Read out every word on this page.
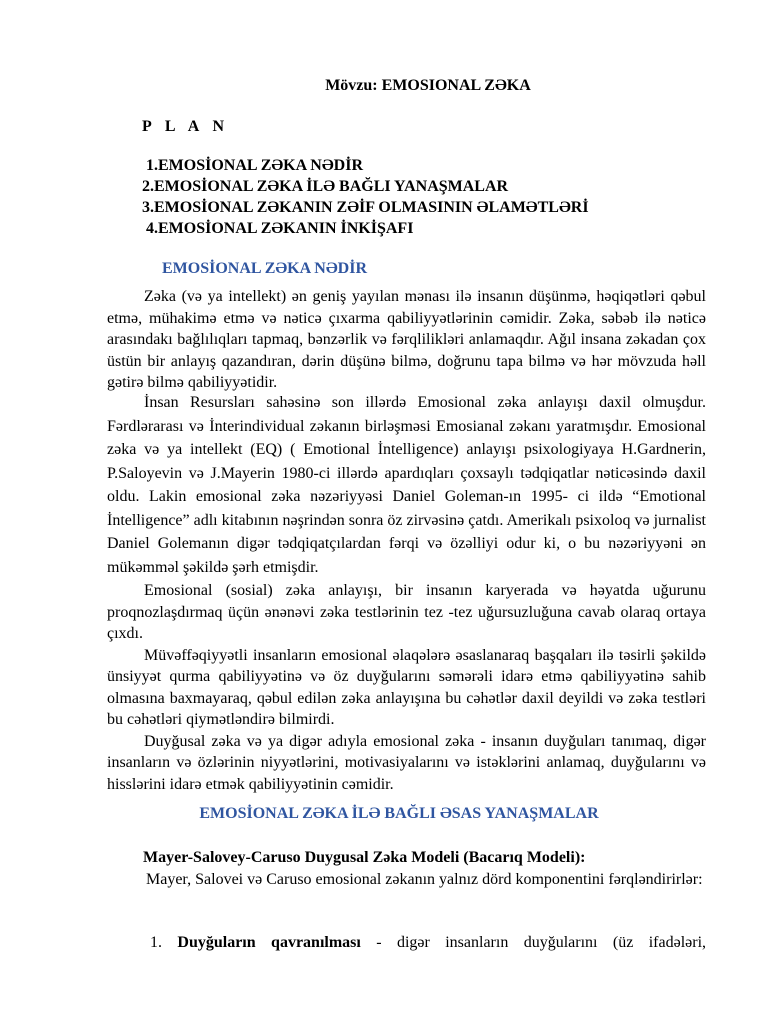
Mövzu: EMOSIONAL ZƏKA
P L A N
1.EMOSİONAL ZƏKA NƏDİR
2.EMOSİONAL ZƏKA İLƏ BAĞLI YANAŞMALAR
3.EMOSİONAL ZƏKANIN ZƏİF OLMASININ ƏLAMƏTLƏRİ
4.EMOSİONAL ZƏKANIN İNKİŞAFI
EMOSİONAL ZƏKA NƏDİR

Zəka (və ya intellekt) ən geniş yayılan mənası ilə insanın düşünmə, həqiqətləri qəbul etmə, mühakimə etmə və nəticə çıxarma qabiliyyətlərinin cəmidir. Zəka, səbəb ilə nəticə arasındakı bağlılıqları tapmaq, bənzərlik və fərqlilikləri anlamaqdır. Ağıl insana zəkadan çox üstün bir anlayış qazandıran, dərin düşünə bilmə, doğrunu tapa bilmə və hər mövzuda həll gətirə bilmə qabiliyyətidir.

İnsan Resursları sahəsinə son illərdə Emosional zəka anlayışı daxil olmuşdur. Fərdlərarası və İnterindividual zəkanın birləşməsi Emosianal zəkanı yaratmışdır. Emosional zəka və ya intellekt (EQ) ( Emotional İntelligence) anlayışı psixologiyaya H.Gardnerin, P.Saloyevin və J.Mayerin 1980-ci illərdə apardıqları çoxsaylı tədqiqatlar nəticəsində daxil oldu. Lakin emosional zəka nəzəriyyəsi Daniel Goleman-ın 1995- ci ildə “Emotional İntelligence” adlı kitabının nəşrindən sonra öz zirvəsinə çatdı. Amerikalı psixoloq və jurnalist Daniel Golemanın digər tədqiqatçılardan fərqi və özəlliyi odur ki, o bu nəzəriyyəni ən mükəmməl şəkildə şərh etmişdir.

Emosional (sosial) zəka anlayışı, bir insanın karyerada və həyatda uğurunu proqnozlaşdırmaq üçün ənənəvi zəka testlərinin tez -tez uğursuzluğuna cavab olaraq ortaya çıxdı.

Müvəffəqiyyətli insanların emosional əlaqələrə əsaslanaraq başqaları ilə təsirli şəkildə ünsiyyət qurma qabiliyyətinə və öz duyğularını səmərəli idarə etmə qabiliyyətinə sahib olmasına baxmayaraq, qəbul edilən zəka anlayışına bu cəhətlər daxil deyildi və zəka testləri bu cəhətləri qiymətləndirə bilmirdi.

Duyğusal zəka və ya digər adıyla emosional zəka - insanın duyğuları tanımaq, digər insanların və özlərinin niyyətlərini, motivasiyalarını və istəklərini anlamaq, duyğularını və hisslərini idarə etmək qabiliyyətinin cəmidir.

EMOSİONAL ZƏKA İLƏ BAĞLI ƏSAS YANAŞMALAR
Mayer-Salovey-Caruso Duygusal Zəka Modeli (Bacarıq Modeli):

Mayer, Salovei və Caruso emosional zəkanın yalnız dörd komponentini fərqləndirirlər:

1. Duyğuların qavranılması - digər insanların duyğularını (üz ifadələri,
